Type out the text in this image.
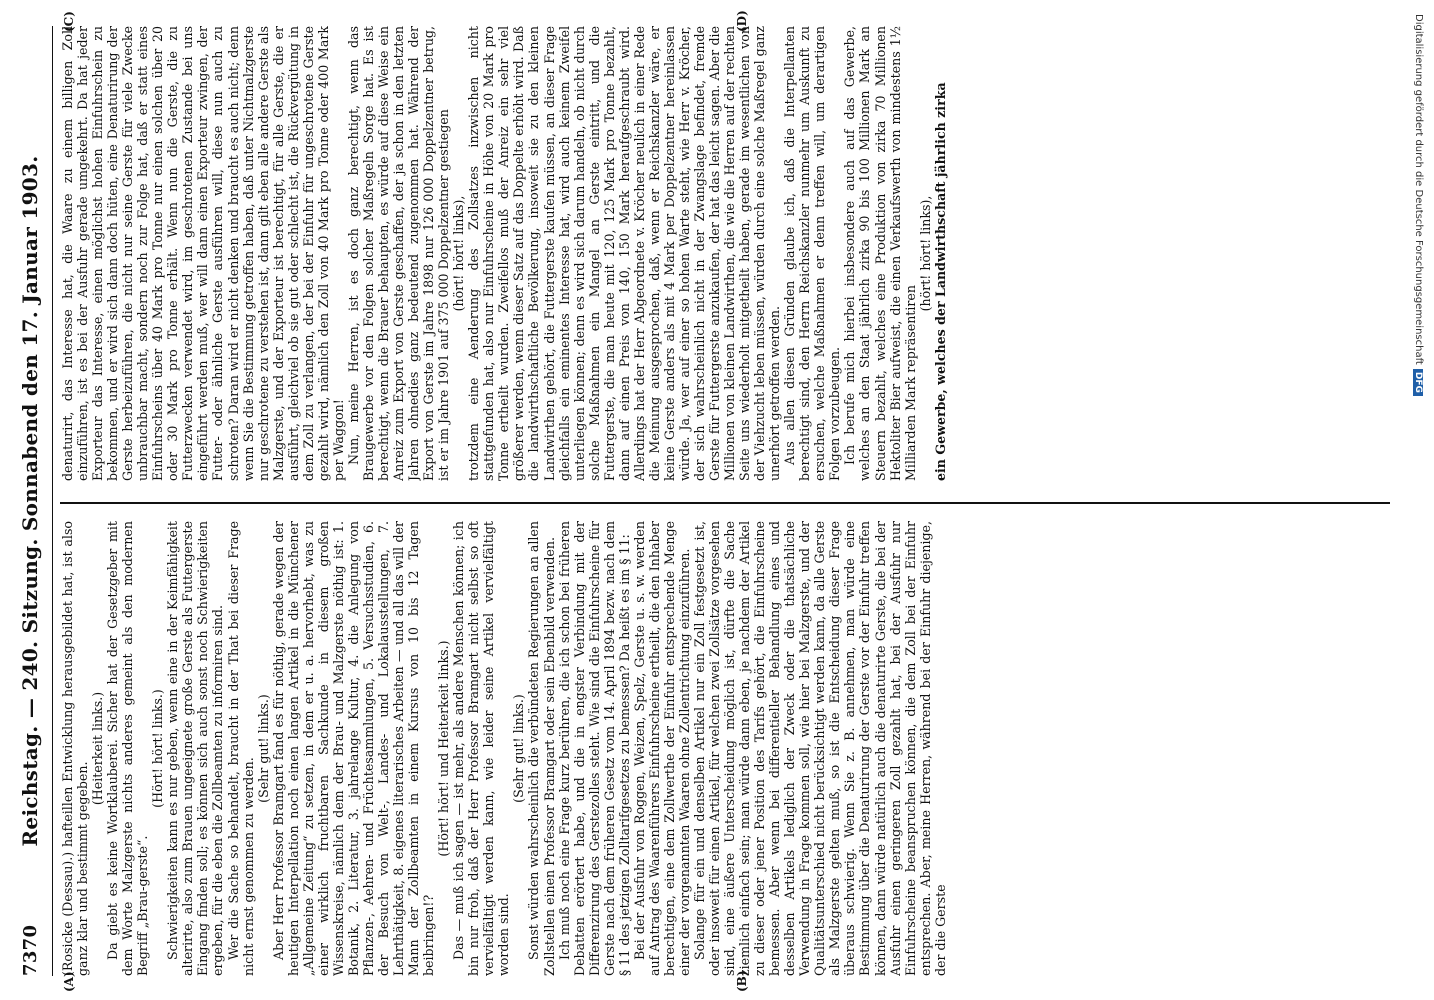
7370
Reichstag. — 240. Sitzung. Sonnabend den 17. Januar 1903.
(A)	(B)
(C)	(D)

(Rosicke (Dessau).) hafteillen Entwicklung herausgebildet hat, ist also ganz klar und bestimmt gegeben.

(Heiterkeit links.) Da giebt es keine Wortklauberei. Sicher hat der Gesetzgeber mit dem Worte Malzgerste nichts anderes gemeint als den modernen Begriff „Brau-gerste“.

(Hört! hört! links.) Schwierigkeiten kann es nur geben, wenn eine in der Keimfähigkeit alterirte, also zum Brauen ungeeignete große Gerste als Futtergerste Eingang finden soll; es können sich auch sonst noch Schwierigkeiten ergeben, für die eben die Zollbeamten zu informiren sind. Wer die Sache so behandelt, braucht in der That bei dieser Frage nicht ernst genommen zu werden.

(Sehr gut! links.) Aber Herr Professor Bramgart fand es für nöthig, gerade wegen der heutigen Interpellation noch einen langen Artikel in die Münchener „Allgemeine Zeitung“ zu setzen, in dem er u. a. hervorhebt, was zu einer wirklich fruchtbaren Sachkunde in diesem großen Wissenskreise, nämlich dem der Brau- und Malzgerste nöthig ist: 1. Botanik, 2. Literatur, 3. jahrelange Kultur, 4. die Anlegung von Pflanzen-, Aehren- und Früchtesammlungen, 5. Versuchsstudien, 6. der Besuch von Welt-, Landes- und Lokalausstellungen, 7. Lehrthätigkeit, 8. eigenes literarisches Arbeiten — und all das will der Mann der Zollbeamten in einem Kursus von 10 bis 12 Tagen beibringen!?

(Hört! hört! und Heiterkeit links.) Das — muß ich sagen — ist mehr, als andere Menschen können; ich bin nur froh, daß der Herr Professor Bramgart nicht selbst so oft vervielfältigt werden kann, wie leider seine Artikel vervielfältigt worden sind.

(Sehr gut! links.) Sonst würden wahrscheinlich die verbündeten Regierungen an allen Zollstellen einen Professor Bramgart oder sein Ebenbild verwenden. Ich muß noch eine Frage kurz berühren, die ich schon bei früheren Debatten erörtert habe, und die in engster Verbindung mit der Differenzirung des Gerstezolles steht. Wie sind die Einfuhrscheine für Gerste nach dem früheren Gesetz vom 14. April 1894 bezw. nach dem § 11 des jetzigen Zolltarifgesetzes zu bemessen? Da heißt es im § 11: Bei der Ausfuhr von Roggen, Weizen, Spelz, Gerste u. s. w. werden auf Antrag des Waarenführers Einfuhrscheine ertheilt, die den Inhaber berechtigen, eine dem Zollwerthe der Einfuhr entsprechende Menge einer der vorgenannten Waaren ohne Zollentrichtung einzuführen. Solange für ein und denselben Artikel nur ein Zoll festgesetzt ist, oder insoweit für einen Artikel, für welchen zwei Zollsätze vorgesehen sind, eine äußere Unterscheidung möglich ist, dürfte die Sache ziemlich einfach sein; man würde dann eben, je nachdem der Artikel zu dieser oder jener Position des Tarifs gehört, die Einfuhrscheine bemessen. Aber wenn bei differentieller Behandlung eines und desselben Artikels lediglich der Zweck oder die thatsächliche Verwendung in Frage kommen soll, wie hier bei Malzgerste, und der Qualitätsunterschied nicht berücksichtigt werden kann, da alle Gerste als Malzgerste gelten muß, so ist die Entscheidung dieser Frage überaus schwierig. Wenn Sie z. B. annehmen, man würde eine Bestimmung über die Denaturirung der Gerste vor der Einfuhr treffen können, dann würde natürlich auch die denaturirte Gerste, die bei der Ausfuhr einen geringeren Zoll gezahlt hat, bei der Ausfuhr nur Einfuhrscheine beanspruchen können, die dem Zoll bei der Einfuhr entsprechen. Aber, meine Herren, während bei der Einfuhr diejenige, der die Gerste

denaturirt, das Interesse hat, die Waare zu einem billigen Zoll einzuführen, ist es bei der Ausfuhr gerade umgekehrt. Da hat jeder Exporteur das Interesse, einen möglichst hohen Einfuhrschein zu bekommen, und er wird sich dann doch hüten, eine Denaturirung der Gerste herbeizuführen, die nicht nur seine Gerste für viele Zwecke unbrauchbar macht, sondern noch zur Folge hat, daß er statt eines Einfuhrscheins über 40 Mark pro Tonne nur einen solchen über 20 oder 30 Mark pro Tonne erhält. Wenn nun die Gerste, die zu Futterzwecken verwendet wird, im geschrotenen Zustande bei uns eingeführt werden muß, wer will dann einen Exporteur zwingen, der Futter- oder ähnliche Gerste ausführen will, diese nun auch zu schroten? Daran wird er nicht denken und braucht es auch nicht; denn wenn Sie die Bestimmung getroffen haben, daß unter Nichtmalzgerste nur geschrotene zu verstehen ist, dann gilt eben alle andere Gerste als Malzgerste, und der Exporteur ist berechtigt, für alle Gerste, die er ausführt, gleichviel ob sie gut oder schlecht ist, die Rückvergütung in dem Zoll zu verlangen, der bei der Einfuhr für ungeschrotene Gerste gezahlt wird, nämlich den Zoll von 40 Mark pro Tonne oder 400 Mark per Waggon! Nun, meine Herren, ist es doch ganz berechtigt, wenn das Braugewerbe vor den Folgen solcher Maßregeln Sorge hat. Es ist berechtigt, wenn die Brauer behaupten, es würde auf diese Weise ein Anreiz zum Export von Gerste geschaffen, der ja schon in den letzten Jahren ohnedies ganz bedeutend zugenommen hat. Während der Export von Gerste im Jahre 1898 nur 126 000 Doppelzentner betrug, ist er im Jahre 1901 auf 375 000 Doppelzentner gestiegen (hört! hört! links), trotzdem eine Aenderung des Zollsatzes inzwischen nicht stattgefunden hat, also nur Einfuhrscheine in Höhe von 20 Mark pro Tonne ertheilt wurden. Zweifellos muß der Anreiz ein sehr viel größerer werden, wenn dieser Satz auf das Doppelte erhöht wird. Daß die landwirthschaftliche Bevölkerung, insoweit sie zu den kleinen Landwirthen gehört, die Futtergerste kaufen müssen, an dieser Frage gleichfalls ein eminentes Interesse hat, wird auch keinem Zweifel unterliegen können; denn es wird sich darum handeln, ob nicht durch solche Maßnahmen ein Mangel an Gerste eintritt, und die Futtergerste, die man heute mit 120, 125 Mark pro Tonne bezahlt, dann auf einen Preis von 140, 150 Mark heraufgeschraubt wird. Allerdings hat der Herr Abgeordnete v. Kröcher neulich in einer Rede die Meinung ausgesprochen, daß, wenn er Reichskanzler wäre, er keine Gerste anders als mit 4 Mark per Doppelzentner hereinlassen würde. Ja, wer auf einer so hohen Warte steht, wie Herr v. Kröcher, der sich wahrscheinlich nicht in der Zwangslage befindet, fremde Gerste für Futtergerste anzukaufen, der hat das leicht sagen. Aber die Millionen von kleinen Landwirthen, die wie die Herren auf der rechten Seite uns wiederholt mitgetheilt haben, gerade im wesentlichen von der Viehzucht leben müssen, würden durch eine solche Maßregel ganz unerhört getroffen werden. Aus allen diesen Gründen glaube ich, daß die Interpellanten berechtigt sind, den Herrn Reichskanzler nunmehr um Auskunft zu ersuchen, welche Maßnahmen er denn treffen will, um derartigen Folgen vorzubeugen. Ich berufe mich hierbei insbesondere auch auf das Gewerbe, welches an den Staat jährlich zirka 90 bis 100 Millionen Mark an Steuern bezahlt, welches eine Produktion von zirka 70 Millionen Hektoliter Bier aufweist, die einen Verkaufswerth von mindestens 1½ Milliarden Mark repräsentiren

(hört! hört! links), ein Gewerbe, welches der Landwirthschaft jährlich zirka	Digitalisierung gefördert durch die Deutsche ForschungsgemeinschaftDFG
